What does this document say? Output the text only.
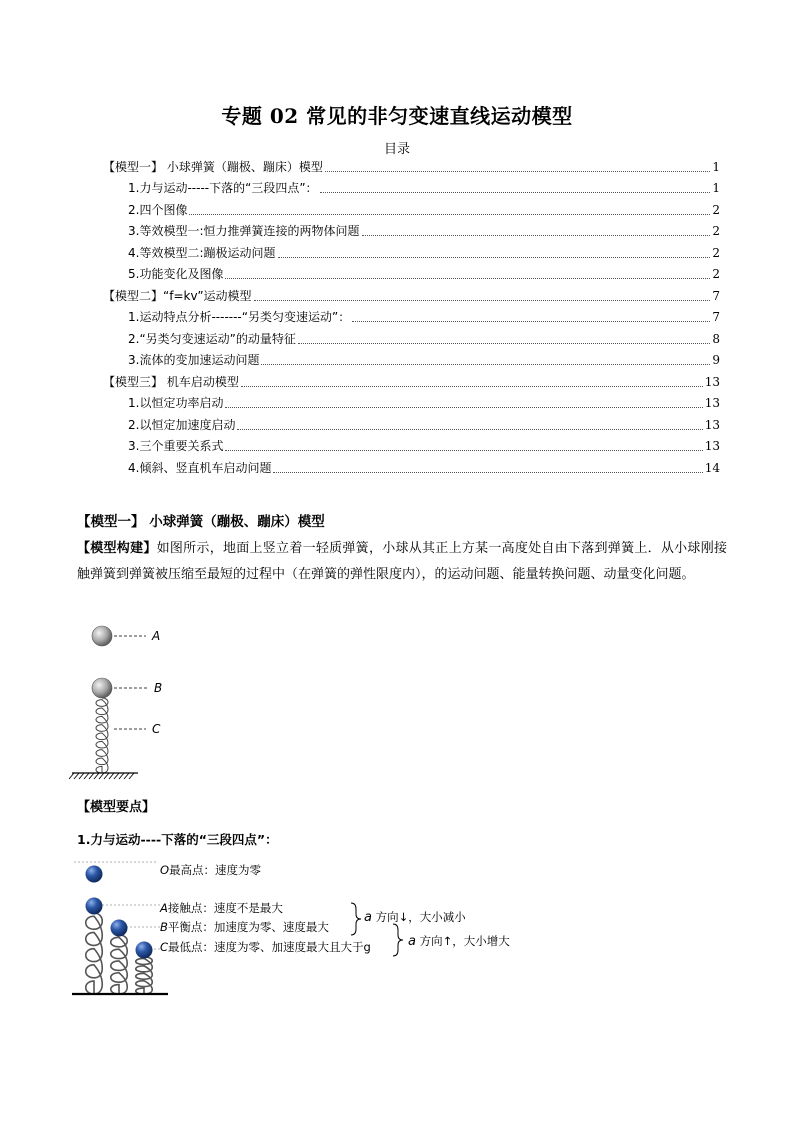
专题 02 常见的非匀变速直线运动模型
目录
【模型一】 小球弹簧（蹦极、蹦床）模型	1
1.力与运动-----下落的“三段四点”：	1
2.四个图像	2
3.等效模型一:恒力推弹簧连接的两物体问题	2
4.等效模型二:蹦极运动问题	2
5.功能变化及图像	2
【模型二】“f=kv”运动模型	7
1.运动特点分析-------“另类匀变速运动”：	7
2.“另类匀变速运动”的动量特征	8
3.流体的变加速运动问题	9
【模型三】 机车启动模型	13
1.以恒定功率启动	13
2.以恒定加速度启动	13
3.三个重要关系式	13
4.倾斜、竖直机车启动问题	14
【模型一】 小球弹簧（蹦极、蹦床）模型
【模型构建】如图所示，地面上竖立着一轻质弹簧，小球从其正上方某一高度处自由下落到弹簧上．从小球刚接触弹簧到弹簧被压缩至最短的过程中（在弹簧的弹性限度内），的运动问题、能量转换问题、动量变化问题。
A
B
C
【模型要点】
1.力与运动----下落的“三段四点”：
O最高点：速度为零
A接触点：速度不是最大
B平衡点：加速度为零、速度最大
C最低点：速度为零、加速度最大且大于g
a 方向↓，大小减小
a 方向↑，大小增大
